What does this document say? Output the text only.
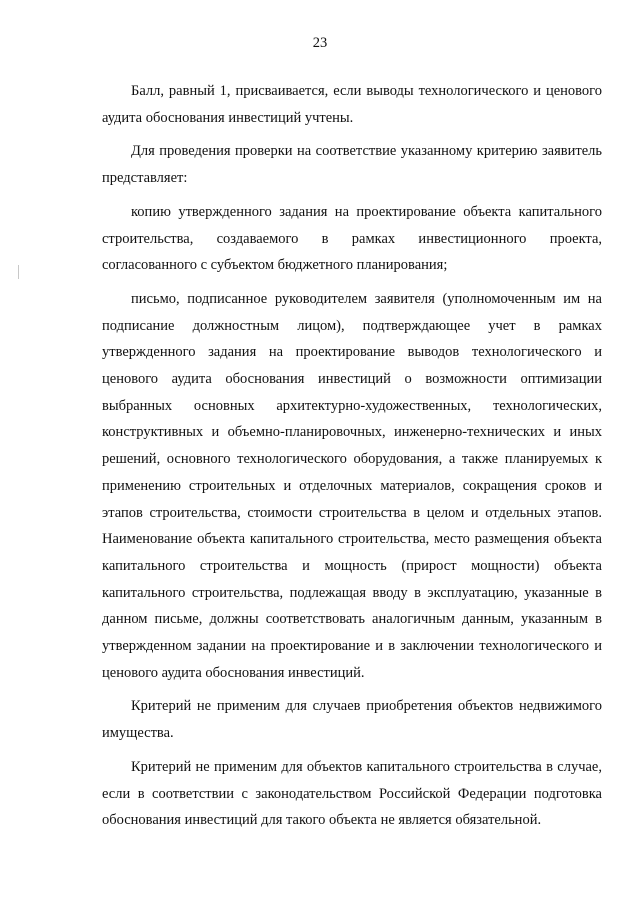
23

Балл, равный 1, присваивается, если выводы технологического и ценового аудита обоснования инвестиций учтены.

Для проведения проверки на соответствие указанному критерию заявитель представляет:

копию утвержденного задания на проектирование объекта капитального строительства, создаваемого в рамках инвестиционного проекта, согласованного с субъектом бюджетного планирования;

письмо, подписанное руководителем заявителя (уполномоченным им на подписание должностным лицом), подтверждающее учет в рамках утвержденного задания на проектирование выводов технологического и ценового аудита обоснования инвестиций о возможности оптимизации выбранных основных архитектурно-художественных, технологических, конструктивных и объемно-планировочных, инженерно-технических и иных решений, основного технологического оборудования, а также планируемых к применению строительных и отделочных материалов, сокращения сроков и этапов строительства, стоимости строительства в целом и отдельных этапов. Наименование объекта капитального строительства, место размещения объекта капитального строительства и мощность (прирост мощности) объекта капитального строительства, подлежащая вводу в эксплуатацию, указанные в данном письме, должны соответствовать аналогичным данным, указанным в утвержденном задании на проектирование и в заключении технологического и ценового аудита обоснования инвестиций.

Критерий не применим для случаев приобретения объектов недвижимого имущества.

Критерий не применим для объектов капитального строительства в случае, если в соответствии с законодательством Российской Федерации подготовка обоснования инвестиций для такого объекта не является обязательной.
